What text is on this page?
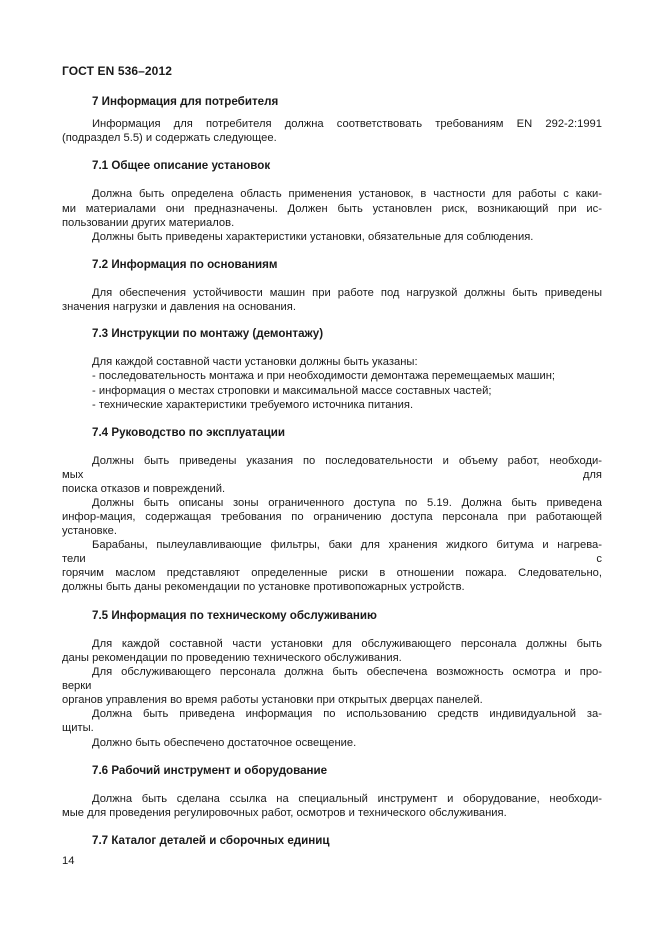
ГОСТ EN 536–2012
7 Информация для потребителя
Информация для потребителя должна соответствовать требованиям EN 292-2:1991
(подраздел 5.5) и содержать следующее.
7.1 Общее описание установок
Должна быть определена область применения установок, в частности для работы с каки-
ми материалами они предназначены. Должен быть установлен риск, возникающий при ис-
пользовании других материалов.
Должны быть приведены характеристики установки, обязательные для соблюдения.
7.2 Информация по основаниям
Для обеспечения устойчивости машин при работе под нагрузкой должны быть приведены
значения нагрузки и давления на основания.
7.3 Инструкции по монтажу (демонтажу)
Для каждой составной части установки должны быть указаны:
- последовательность монтажа и при необходимости демонтажа перемещаемых машин;
- информация о местах строповки и максимальной массе составных частей;
- технические характеристики требуемого источника питания.
7.4 Руководство по эксплуатации
Должны быть приведены указания по последовательности и объему работ, необходи-
мых для
поиска отказов и повреждений.
Должны быть описаны зоны ограниченного доступа по 5.19. Должна быть приведена
инфор-мация, содержащая требования по ограничению доступа персонала при работающей
установке.
Барабаны, пылеулавливающие фильтры, баки для хранения жидкого битума и нагрева-
тели с
горячим маслом представляют определенные риски в отношении пожара. Следовательно,
должны быть даны рекомендации по установке противопожарных устройств.
7.5 Информация по техническому обслуживанию
Для каждой составной части установки для обслуживающего персонала должны быть
даны рекомендации по проведению технического обслуживания.
Для обслуживающего персонала должна быть обеспечена возможность осмотра и про-
верки
органов управления во время работы установки при открытых дверцах панелей.
Должна быть приведена информация по использованию средств индивидуальной за-
щиты.
Должно быть обеспечено достаточное освещение.
7.6 Рабочий инструмент и оборудование
Должна быть сделана ссылка на специальный инструмент и оборудование, необходи-
мые для проведения регулировочных работ, осмотров и технического обслуживания.
7.7 Каталог деталей и сборочных единиц
14
